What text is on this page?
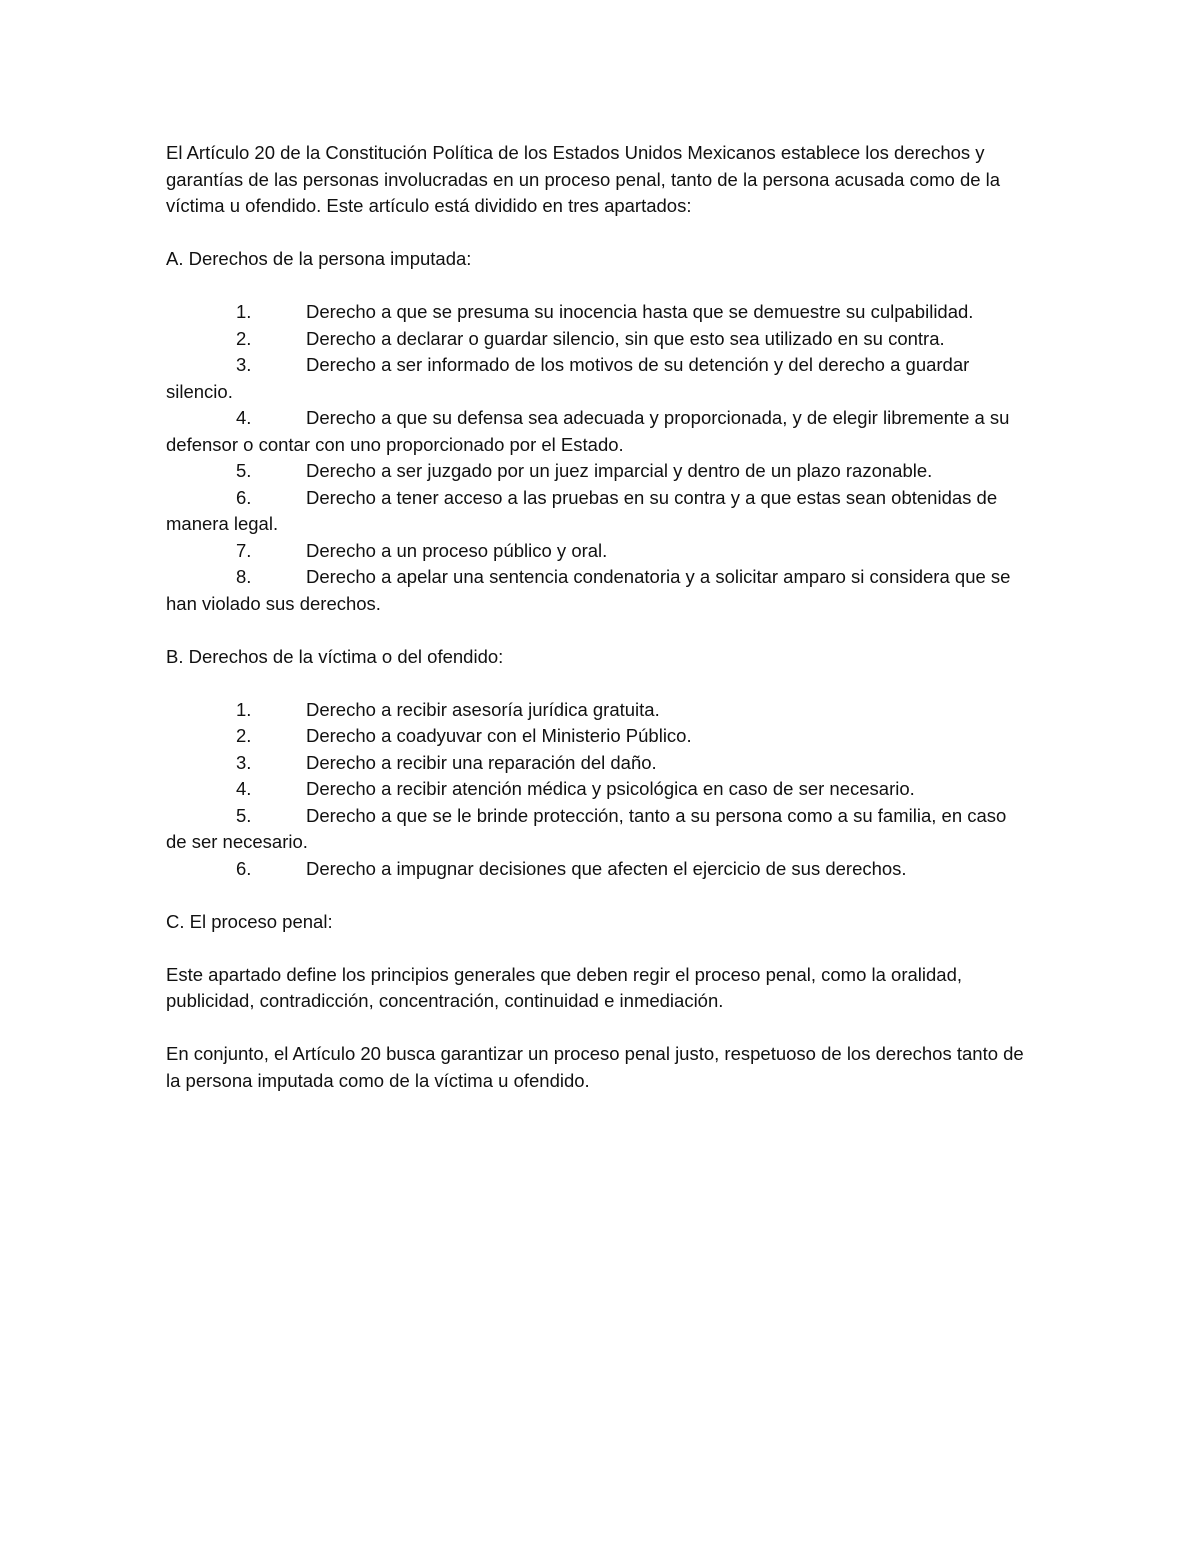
El Artículo 20 de la Constitución Política de los Estados Unidos Mexicanos establece los derechos y garantías de las personas involucradas en un proceso penal, tanto de la persona acusada como de la víctima u ofendido. Este artículo está dividido en tres apartados:

A. Derechos de la persona imputada:

1.	Derecho a que se presuma su inocencia hasta que se demuestre su culpabilidad.
2.	Derecho a declarar o guardar silencio, sin que esto sea utilizado en su contra.
3.	Derecho a ser informado de los motivos de su detención y del derecho a guardar silencio.
4.	Derecho a que su defensa sea adecuada y proporcionada, y de elegir libremente a su defensor o contar con uno proporcionado por el Estado.
5.	Derecho a ser juzgado por un juez imparcial y dentro de un plazo razonable.
6.	Derecho a tener acceso a las pruebas en su contra y a que estas sean obtenidas de manera legal.
7.	Derecho a un proceso público y oral.
8.	Derecho a apelar una sentencia condenatoria y a solicitar amparo si considera que se han violado sus derechos.

B. Derechos de la víctima o del ofendido:

1.	Derecho a recibir asesoría jurídica gratuita.
2.	Derecho a coadyuvar con el Ministerio Público.
3.	Derecho a recibir una reparación del daño.
4.	Derecho a recibir atención médica y psicológica en caso de ser necesario.
5.	Derecho a que se le brinde protección, tanto a su persona como a su familia, en caso de ser necesario.
6.	Derecho a impugnar decisiones que afecten el ejercicio de sus derechos.

C. El proceso penal:

Este apartado define los principios generales que deben regir el proceso penal, como la oralidad, publicidad, contradicción, concentración, continuidad e inmediación.

En conjunto, el Artículo 20 busca garantizar un proceso penal justo, respetuoso de los derechos tanto de la persona imputada como de la víctima u ofendido.
